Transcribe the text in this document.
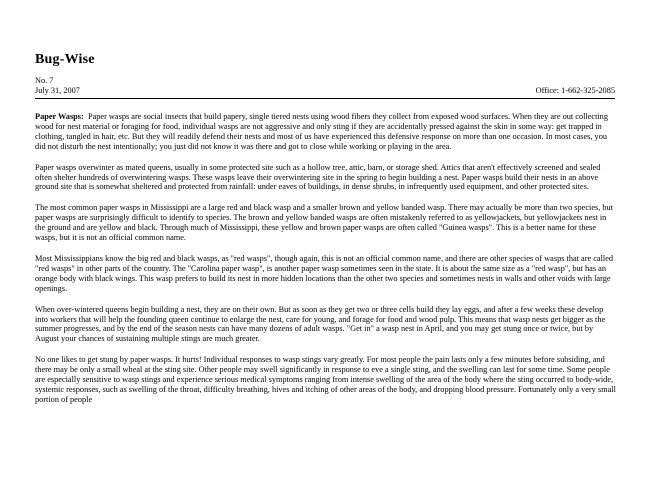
Bug-Wise
No. 7
July 31, 2007	Office: 1-662-325-2085

Paper Wasps: Paper wasps are social insects that build papery, single tiered nests using wood fibers they collect from exposed wood surfaces. When they are out collecting wood for nest material or foraging for food, individual wasps are not aggressive and only sting if they are accidentally pressed against the skin in some way: get trapped in clothing, tangled in hair, etc. But they will readily defend their nests and most of us have experienced this defensive response on more than one occasion. In most cases, you did not disturb the nest intentionally; you just did not know it was there and got to close while working or playing in the area.

Paper wasps overwinter as mated queens, usually in some protected site such as a hollow tree, attic, barn, or storage shed. Attics that aren't effectively screened and sealed often shelter hundreds of overwintering wasps. These wasps leave their overwintering site in the spring to begin building a nest. Paper wasps build their nests in an above ground site that is somewhat sheltered and protected from rainfall: under eaves of buildings, in dense shrubs, in infrequently used equipment, and other protected sites.

The most common paper wasps in Mississippi are a large red and black wasp and a smaller brown and yellow banded wasp. There may actually be more than two species, but paper wasps are surprisingly difficult to identify to species. The brown and yellow banded wasps are often mistakenly referred to as yellowjackets, but yellowjackets nest in the ground and are yellow and black. Through much of Mississippi, these yellow and brown paper wasps are often called "Guinea wasps". This is a better name for these wasps, but it is not an official common name.

Most Mississippians know the big red and black wasps, as "red wasps", though again, this is not an official common name, and there are other species of wasps that are called "red wasps" in other parts of the country. The "Carolina paper wasp", is another paper wasp sometimes seen in the state. It is about the same size as a "red wasp", but has an orange body with black wings. This wasp prefers to build its nest in more hidden locations than the other two species and sometimes nests in walls and other voids with large openings.

When over-wintered queens begin building a nest, they are on their own. But as soon as they get two or three cells build they lay eggs, and after a few weeks these develop into workers that will help the founding queen continue to enlarge the nest, care for young, and forage for food and wood pulp. This means that wasp nests get bigger as the summer progresses, and by the end of the season nests can have many dozens of adult wasps. "Get in" a wasp nest in April, and you may get stung once or twice, but by August your chances of sustaining multiple stings are much greater.

No one likes to get stung by paper wasps. It hurts! Individual responses to wasp stings vary greatly. For most people the pain lasts only a few minutes before subsiding, and there may be only a small wheal at the sting site. Other people may swell significantly in response to eve a single sting, and the swelling can last for some time. Some people are especially sensitive to wasp stings and experience serious medical symptoms ranging from intense swelling of the area of the body where the sting occurred to body-wide, systemic responses, such as swelling of the throat, difficulty breathing, hives and itching of other areas of the body, and dropping blood pressure. Fortunately only a very small portion of people
